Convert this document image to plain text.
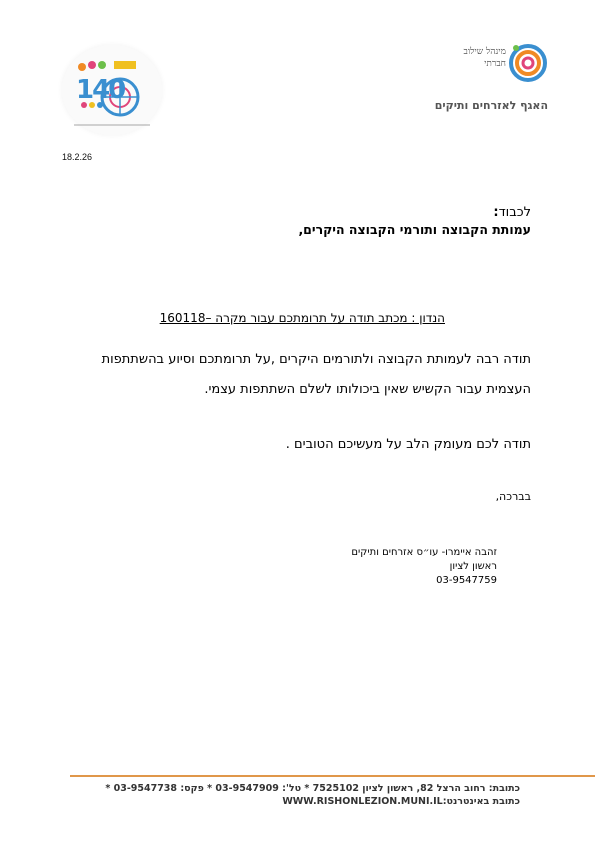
140
18.2.26
מינהל שילוב חברתי
האגף לאזרחים ותיקים
לכבוד:
עמותת הקבוצה ותורמי הקבוצה היקרים,
הנדון : מכתב תודה על תרומתכם עבור מקרה –160118
תודה רבה לעמותת הקבוצה ולתורמים היקרים ,על תרומתכם וסיוע בהשתתפות העצמית עבור הקשיש שאין ביכולותו לשלם השתתפות עצמי.
תודה לכם מעומק הלב על מעשיכם הטובים .
בברכה,
זהבה איימרו- עו״ס אזרחים ותיקים
ראשון לציון
03-9547759
כתובת: רחוב הרצל 82, ראשון לציון 7525102 * טל': 03-9547909 * פקס: 03-9547738 *
כתובת באינטרנט:WWW.RISHONLEZION.MUNI.IL
